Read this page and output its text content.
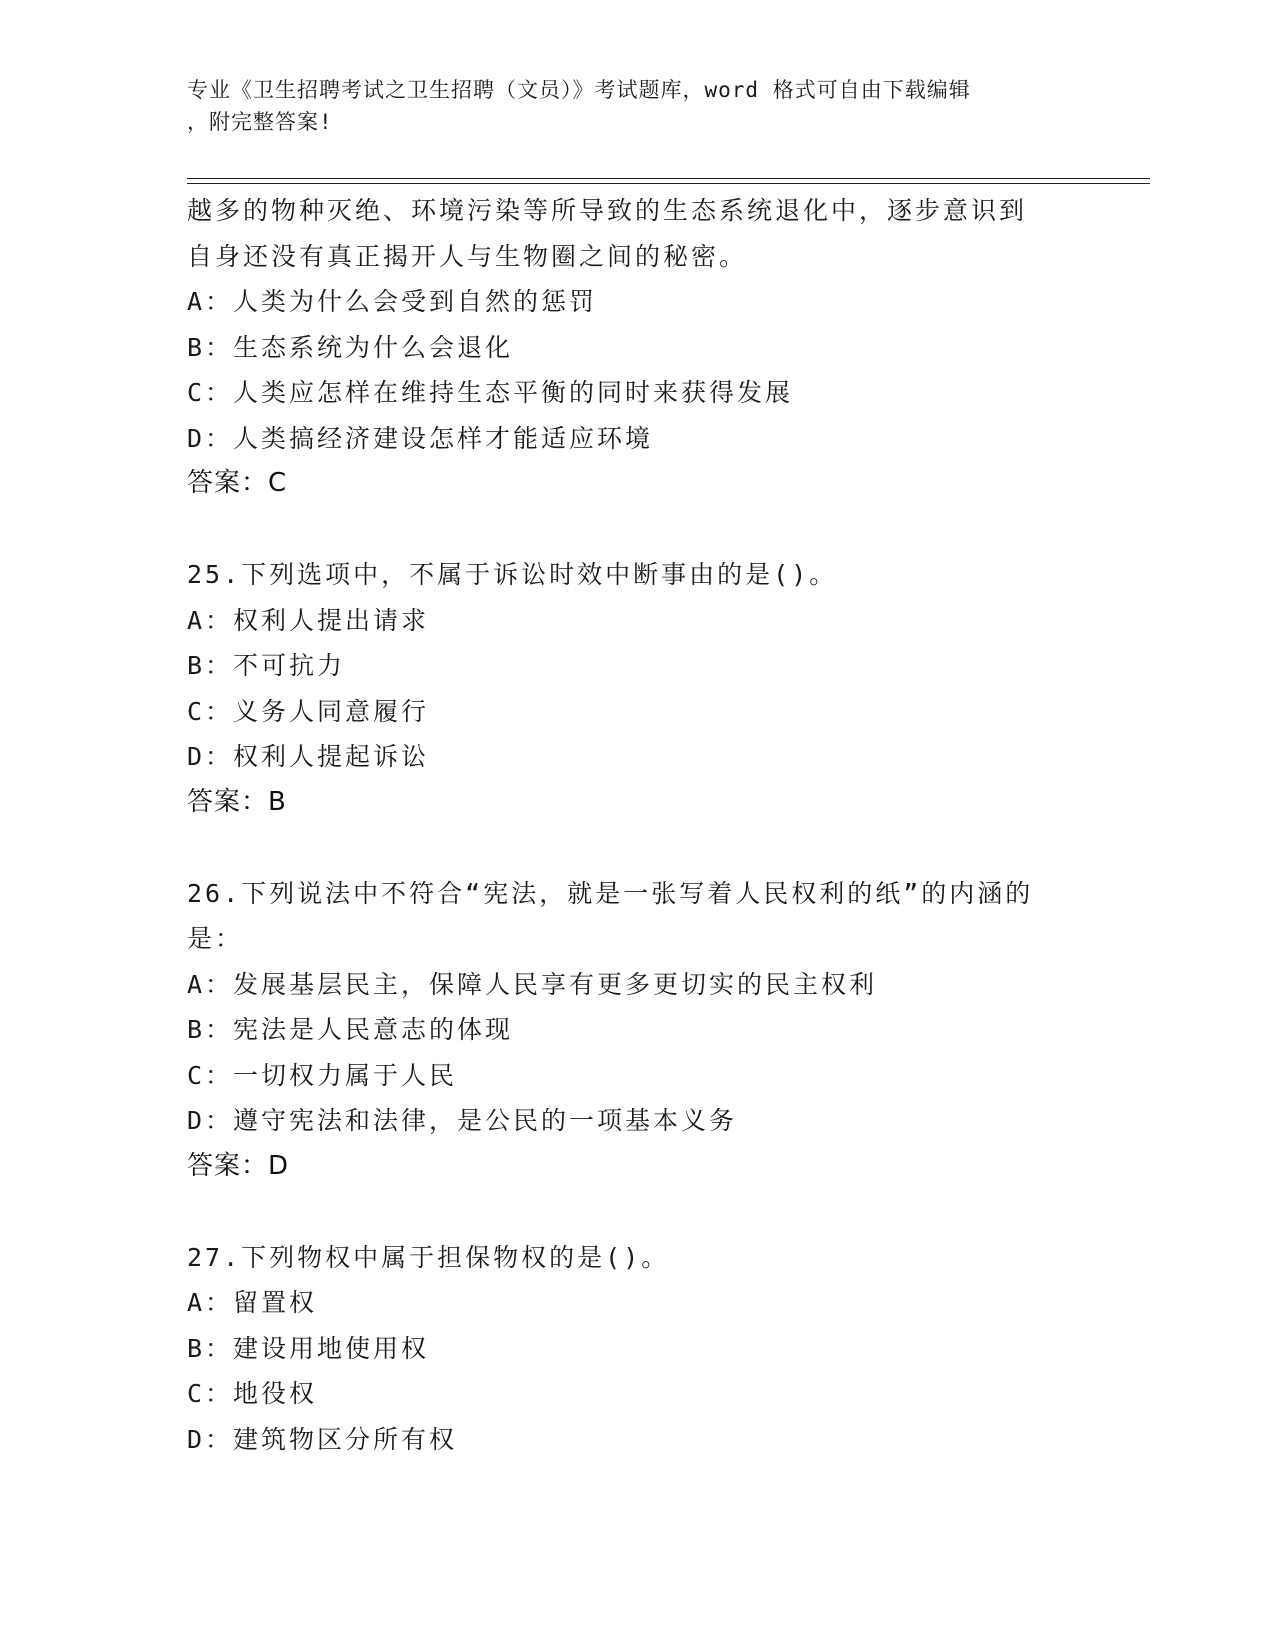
专业《卫生招聘考试之卫生招聘（文员）》考试题库，word 格式可自由下载编辑
，附完整答案!
越多的物种灭绝、环境污染等所导致的生态系统退化中，逐步意识到
自身还没有真正揭开人与生物圈之间的秘密。
A：人类为什么会受到自然的惩罚
B：生态系统为什么会退化
C：人类应怎样在维持生态平衡的同时来获得发展
D：人类搞经济建设怎样才能适应环境
答案：C
25.下列选项中，不属于诉讼时效中断事由的是()。
A：权利人提出请求
B：不可抗力
C：义务人同意履行
D：权利人提起诉讼
答案：B
26.下列说法中不符合“宪法，就是一张写着人民权利的纸”的内涵的
是：
A：发展基层民主，保障人民享有更多更切实的民主权利
B：宪法是人民意志的体现
C：一切权力属于人民
D：遵守宪法和法律，是公民的一项基本义务
答案：D
27.下列物权中属于担保物权的是()。
A：留置权
B：建设用地使用权
C：地役权
D：建筑物区分所有权
